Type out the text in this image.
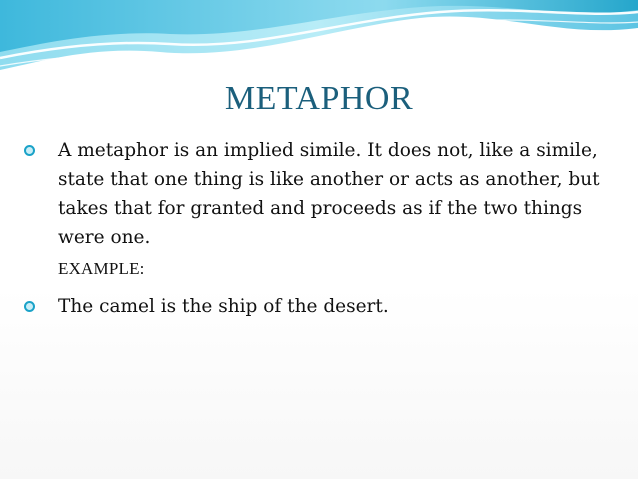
METAPHOR
A metaphor is an implied simile. It does not, like a simile, state that one thing is like another or acts as another, but takes that for granted and proceeds as if the two things were one.
EXAMPLE:
The camel is the ship of the desert.
